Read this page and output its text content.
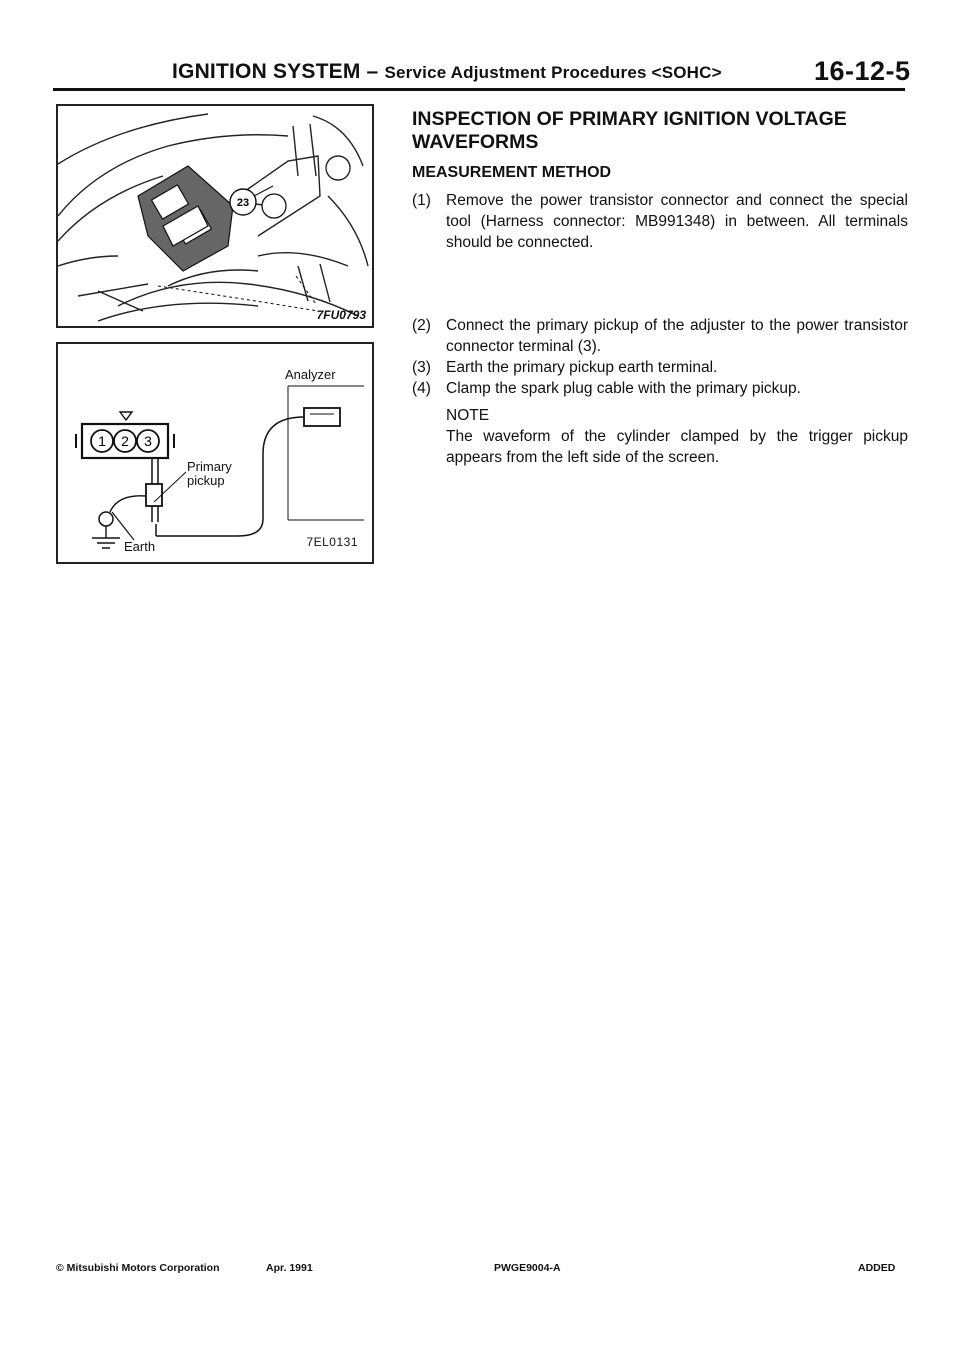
IGNITION SYSTEM – Service Adjustment Procedures <SOHC>	16-12-5
23
7FU0793
1 2 3
Analyzer
Primary
pickup
Earth	7EL0131
INSPECTION OF PRIMARY IGNITION VOLTAGE
WAVEFORMS
MEASUREMENT METHOD
(1) Remove the power transistor connector and connect the special tool (Harness connector: MB991348) in between. All terminals should be connected.
(2) Connect the primary pickup of the adjuster to the power transistor connector terminal (3).
(3) Earth the primary pickup earth terminal.
(4) Clamp the spark plug cable with the primary pickup.
NOTE
The waveform of the cylinder clamped by the trigger pickup appears from the left side of the screen.
© Mitsubishi Motors Corporation	Apr. 1991	PWGE9004-A	ADDED
